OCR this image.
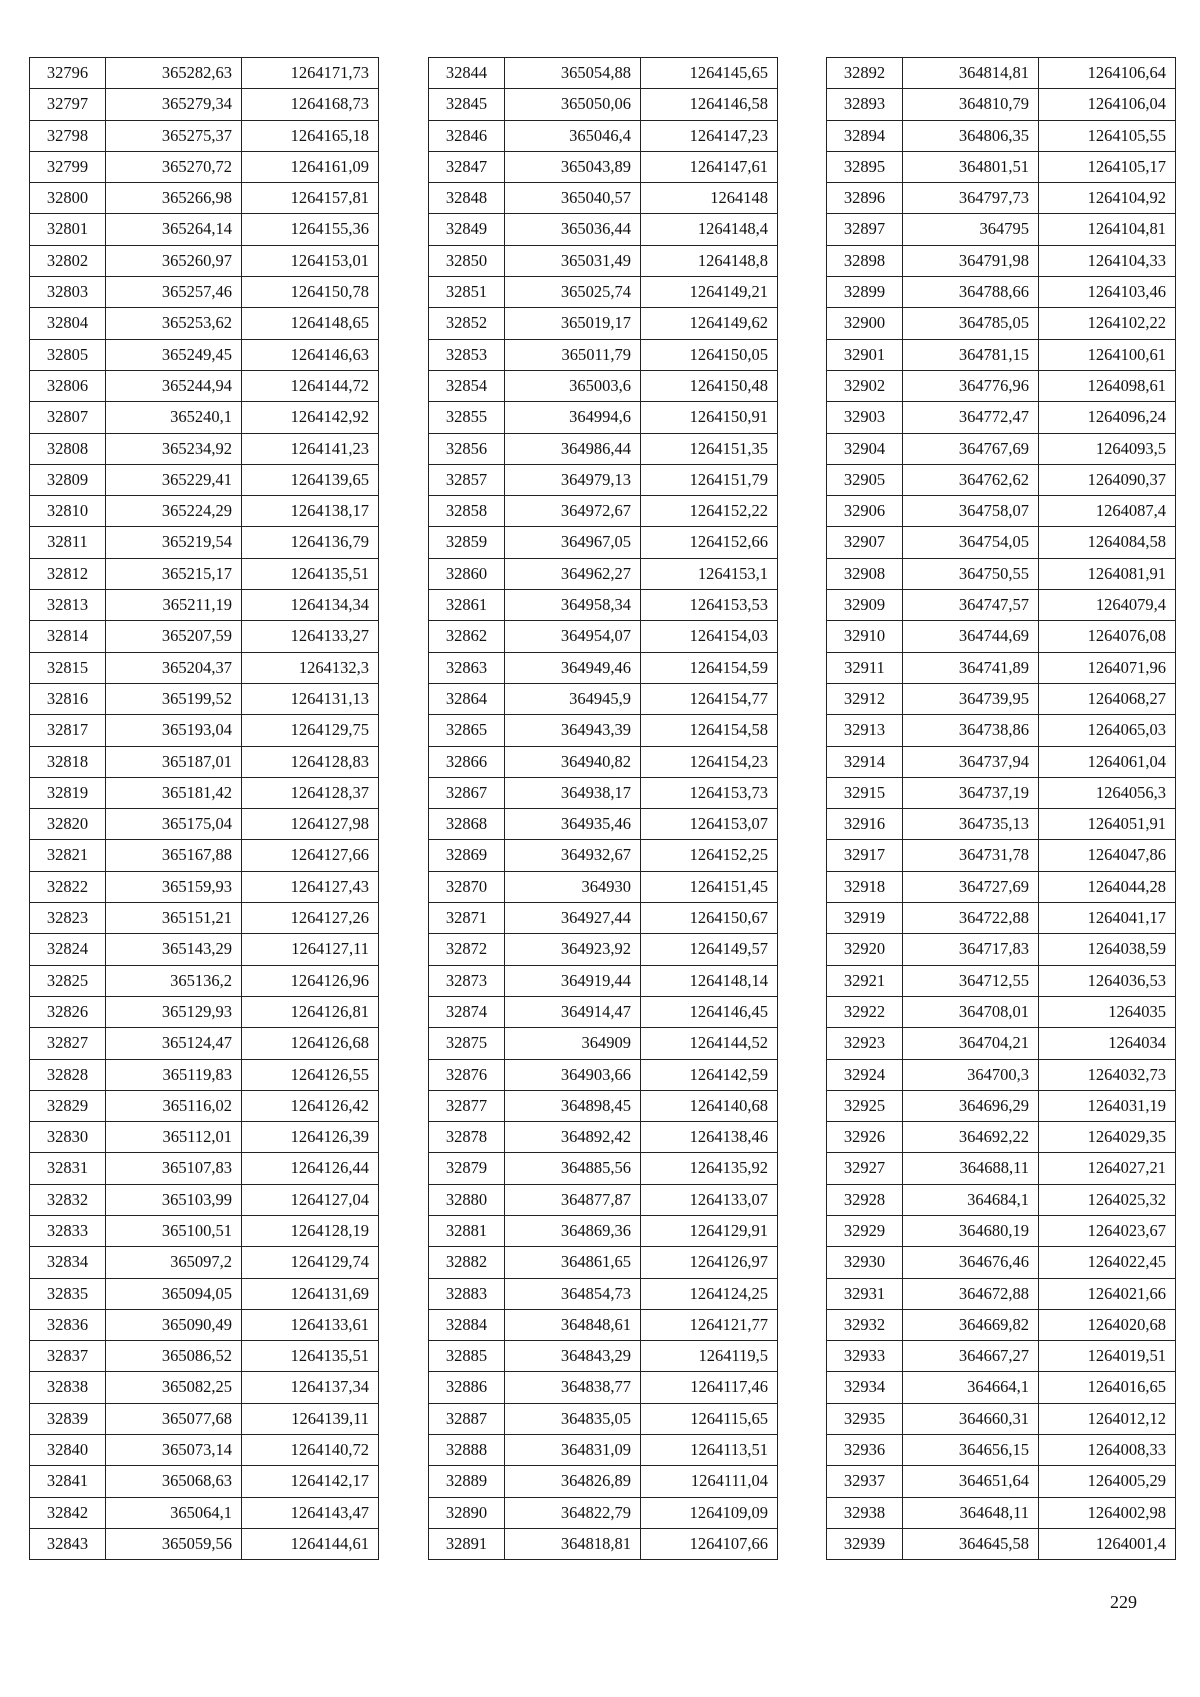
32796	365282,63	1264171,73
32797	365279,34	1264168,73
32798	365275,37	1264165,18
32799	365270,72	1264161,09
32800	365266,98	1264157,81
32801	365264,14	1264155,36
32802	365260,97	1264153,01
32803	365257,46	1264150,78
32804	365253,62	1264148,65
32805	365249,45	1264146,63
32806	365244,94	1264144,72
32807	365240,1	1264142,92
32808	365234,92	1264141,23
32809	365229,41	1264139,65
32810	365224,29	1264138,17
32811	365219,54	1264136,79
32812	365215,17	1264135,51
32813	365211,19	1264134,34
32814	365207,59	1264133,27
32815	365204,37	1264132,3
32816	365199,52	1264131,13
32817	365193,04	1264129,75
32818	365187,01	1264128,83
32819	365181,42	1264128,37
32820	365175,04	1264127,98
32821	365167,88	1264127,66
32822	365159,93	1264127,43
32823	365151,21	1264127,26
32824	365143,29	1264127,11
32825	365136,2	1264126,96
32826	365129,93	1264126,81
32827	365124,47	1264126,68
32828	365119,83	1264126,55
32829	365116,02	1264126,42
32830	365112,01	1264126,39
32831	365107,83	1264126,44
32832	365103,99	1264127,04
32833	365100,51	1264128,19
32834	365097,2	1264129,74
32835	365094,05	1264131,69
32836	365090,49	1264133,61
32837	365086,52	1264135,51
32838	365082,25	1264137,34
32839	365077,68	1264139,11
32840	365073,14	1264140,72
32841	365068,63	1264142,17
32842	365064,1	1264143,47
32843	365059,56	1264144,61
32844	365054,88	1264145,65
32845	365050,06	1264146,58
32846	365046,4	1264147,23
32847	365043,89	1264147,61
32848	365040,57	1264148
32849	365036,44	1264148,4
32850	365031,49	1264148,8
32851	365025,74	1264149,21
32852	365019,17	1264149,62
32853	365011,79	1264150,05
32854	365003,6	1264150,48
32855	364994,6	1264150,91
32856	364986,44	1264151,35
32857	364979,13	1264151,79
32858	364972,67	1264152,22
32859	364967,05	1264152,66
32860	364962,27	1264153,1
32861	364958,34	1264153,53
32862	364954,07	1264154,03
32863	364949,46	1264154,59
32864	364945,9	1264154,77
32865	364943,39	1264154,58
32866	364940,82	1264154,23
32867	364938,17	1264153,73
32868	364935,46	1264153,07
32869	364932,67	1264152,25
32870	364930	1264151,45
32871	364927,44	1264150,67
32872	364923,92	1264149,57
32873	364919,44	1264148,14
32874	364914,47	1264146,45
32875	364909	1264144,52
32876	364903,66	1264142,59
32877	364898,45	1264140,68
32878	364892,42	1264138,46
32879	364885,56	1264135,92
32880	364877,87	1264133,07
32881	364869,36	1264129,91
32882	364861,65	1264126,97
32883	364854,73	1264124,25
32884	364848,61	1264121,77
32885	364843,29	1264119,5
32886	364838,77	1264117,46
32887	364835,05	1264115,65
32888	364831,09	1264113,51
32889	364826,89	1264111,04
32890	364822,79	1264109,09
32891	364818,81	1264107,66
32892	364814,81	1264106,64
32893	364810,79	1264106,04
32894	364806,35	1264105,55
32895	364801,51	1264105,17
32896	364797,73	1264104,92
32897	364795	1264104,81
32898	364791,98	1264104,33
32899	364788,66	1264103,46
32900	364785,05	1264102,22
32901	364781,15	1264100,61
32902	364776,96	1264098,61
32903	364772,47	1264096,24
32904	364767,69	1264093,5
32905	364762,62	1264090,37
32906	364758,07	1264087,4
32907	364754,05	1264084,58
32908	364750,55	1264081,91
32909	364747,57	1264079,4
32910	364744,69	1264076,08
32911	364741,89	1264071,96
32912	364739,95	1264068,27
32913	364738,86	1264065,03
32914	364737,94	1264061,04
32915	364737,19	1264056,3
32916	364735,13	1264051,91
32917	364731,78	1264047,86
32918	364727,69	1264044,28
32919	364722,88	1264041,17
32920	364717,83	1264038,59
32921	364712,55	1264036,53
32922	364708,01	1264035
32923	364704,21	1264034
32924	364700,3	1264032,73
32925	364696,29	1264031,19
32926	364692,22	1264029,35
32927	364688,11	1264027,21
32928	364684,1	1264025,32
32929	364680,19	1264023,67
32930	364676,46	1264022,45
32931	364672,88	1264021,66
32932	364669,82	1264020,68
32933	364667,27	1264019,51
32934	364664,1	1264016,65
32935	364660,31	1264012,12
32936	364656,15	1264008,33
32937	364651,64	1264005,29
32938	364648,11	1264002,98
32939	364645,58	1264001,4
229
